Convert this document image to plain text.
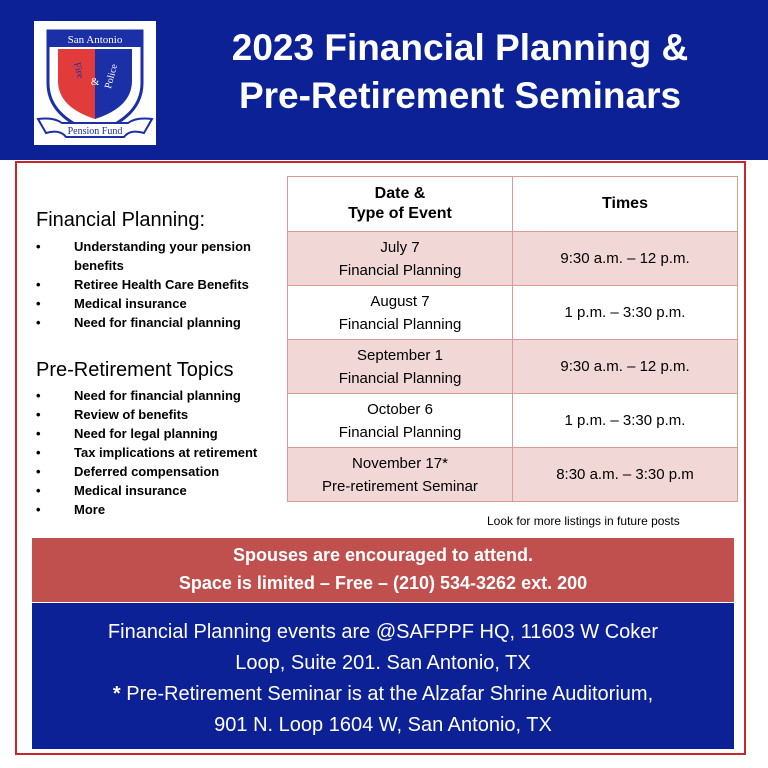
San Antonio
Fire
& Police
Pension Fund
2023 Financial Planning &
Pre-Retirement Seminars
Financial Planning:
•	Understanding your pension
benefits
•	Retiree Health Care Benefits
•	Medical insurance
•	Need for financial planning
Pre-Retirement Topics
•	Need for financial planning
•	Review of benefits
•	Need for legal planning
•	Tax implications at retirement
•	Deferred compensation
•	Medical insurance
•	More
Date &
Type of Event	Times

July 7
Financial Planning	9:30 a.m. – 12 p.m.

August 7
Financial Planning	1 p.m. – 3:30 p.m.

September 1
Financial Planning	9:30 a.m. – 12 p.m.

October 6
Financial Planning	1 p.m. – 3:30 p.m.

November 17*
Pre-retirement Seminar	8:30 a.m. – 3:30 p.m
Look for more listings in future posts
Spouses are encouraged to attend.
Space is limited – Free – (210) 534-3262 ext. 200
Financial Planning events are @SAFPPF HQ, 11603 W Coker
Loop, Suite 201. San Antonio, TX
* Pre-Retirement Seminar is at the Alzafar Shrine Auditorium,
901 N. Loop 1604 W, San Antonio, TX
